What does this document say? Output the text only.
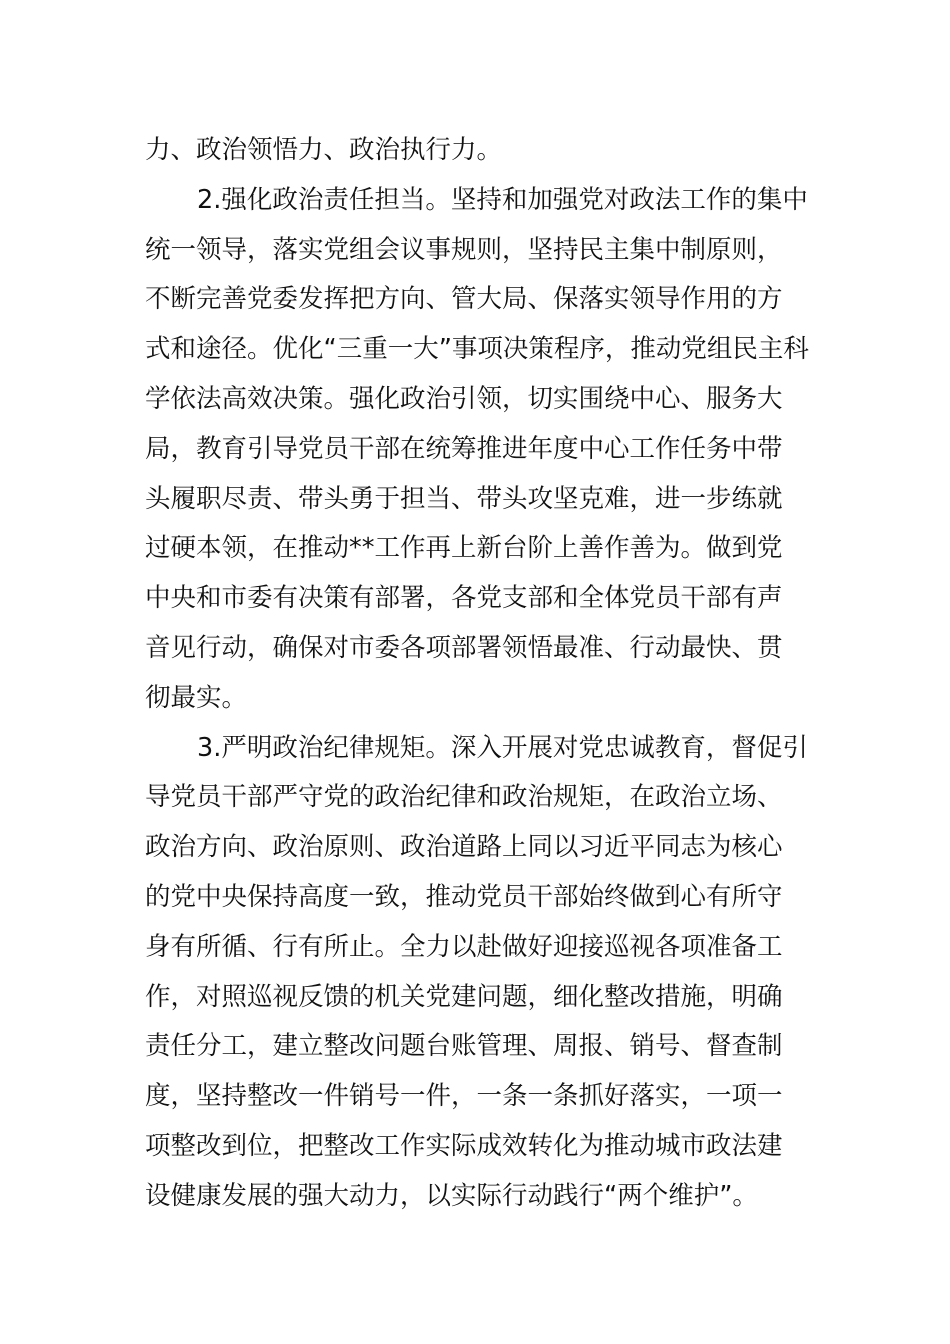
力、政治领悟力、政治执行力。
2.强化政治责任担当。坚持和加强党对政法工作的集中
统一领导，落实党组会议事规则，坚持民主集中制原则，
不断完善党委发挥把方向、管大局、保落实领导作用的方
式和途径。优化“三重一大”事项决策程序，推动党组民主科
学依法高效决策。强化政治引领，切实围绕中心、服务大
局，教育引导党员干部在统筹推进年度中心工作任务中带
头履职尽责、带头勇于担当、带头攻坚克难，进一步练就
过硬本领，在推动**工作再上新台阶上善作善为。做到党
中央和市委有决策有部署，各党支部和全体党员干部有声
音见行动，确保对市委各项部署领悟最准、行动最快、贯
彻最实。
3.严明政治纪律规矩。深入开展对党忠诚教育，督促引
导党员干部严守党的政治纪律和政治规矩，在政治立场、
政治方向、政治原则、政治道路上同以习近平同志为核心
的党中央保持高度一致，推动党员干部始终做到心有所守
身有所循、行有所止。全力以赴做好迎接巡视各项准备工
作，对照巡视反馈的机关党建问题，细化整改措施，明确
责任分工，建立整改问题台账管理、周报、销号、督查制
度，坚持整改一件销号一件，一条一条抓好落实，一项一
项整改到位，把整改工作实际成效转化为推动城市政法建
设健康发展的强大动力，以实际行动践行“两个维护”。
